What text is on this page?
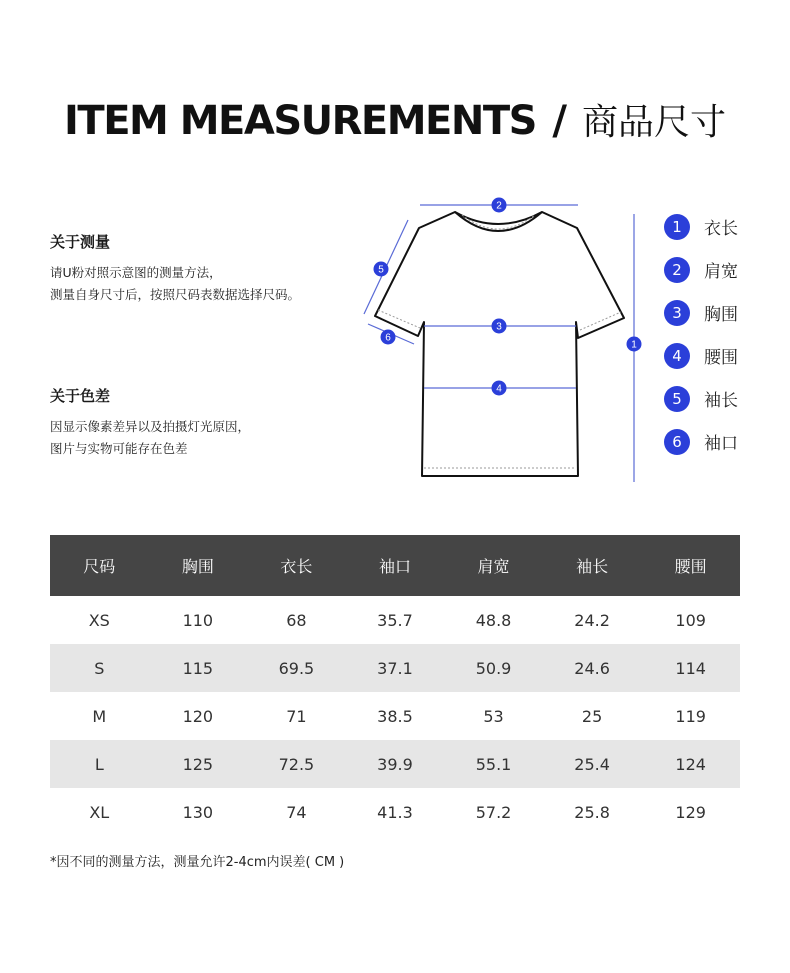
ITEM MEASUREMENTS / 商品尺寸
关于测量
请U粉对照示意图的测量方法，
测量自身尺寸后，按照尺码表数据选择尺码。
关于色差
因显示像素差异以及拍摄灯光原因，
图片与实物可能存在色差
2
3
4
1
5
6
1	衣长
2	肩宽
3	胸围
4	腰围
5	袖长
6	袖口
尺码	胸围	衣长	袖口	肩宽	袖长	腰围
XS	110	68	35.7	48.8	24.2	109
S	115	69.5	37.1	50.9	24.6	114
M	120	71	38.5	53	25	119
L	125	72.5	39.9	55.1	25.4	124
XL	130	74	41.3	57.2	25.8	129
*因不同的测量方法，测量允许2-4cm内误差( CM )
